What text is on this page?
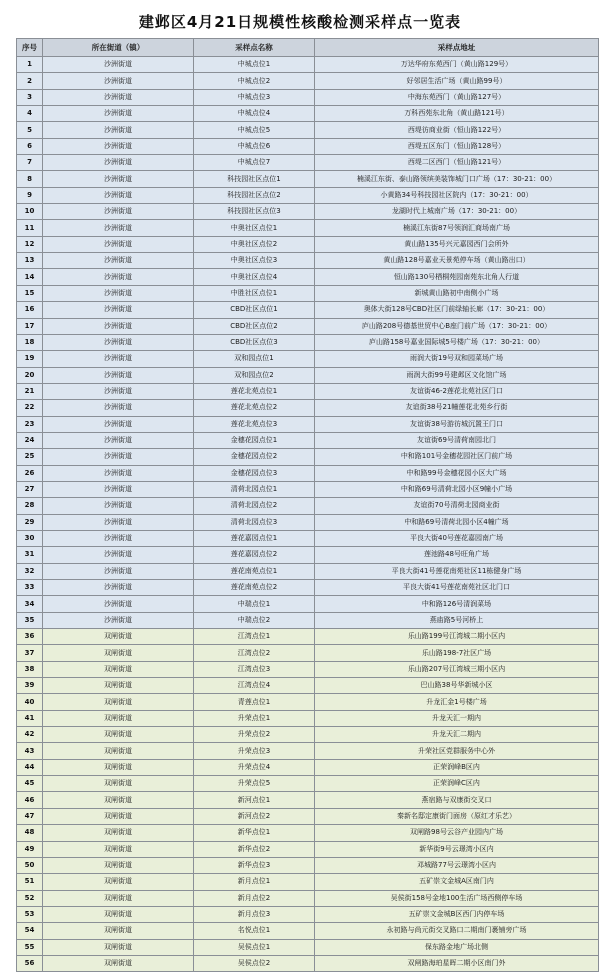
建邺区4月21日规模性核酸检测采样点一览表
序号	所在街道（镇）	采样点名称	采样点地址
1	沙洲街道	中城点位1	万达华府东苑西门（黄山路129号）
2	沙洲街道	中城点位2	好邻居生活广场（黄山路99号）
3	沙洲街道	中城点位3	中海东苑西门（黄山路127号）
4	沙洲街道	中城点位4	万科西苑东北角（黄山路121号）
5	沙洲街道	中城点位5	西堤彷商业街（恒山路122号）
6	沙洲街道	中城点位6	西堤五区东门（恒山路128号）
7	沙洲街道	中城点位7	西堤二区西门（恒山路121号）
8	沙洲街道	科技园社区点位1	楠溪江东街、泰山路领缤美装饰城门口广场（17：30-21：00）
9	沙洲街道	科技园社区点位2	小黄路34号科技园社区院内（17：30-21：00）
10	沙洲街道	科技园社区点位3	龙湖时代上城南广场（17：30-21：00）
11	沙洲街道	中奥社区点位1	楠溪江东街87号领润汇商场南广场
12	沙洲街道	中奥社区点位2	黄山路135号兴元嘉园西门会所外
13	沙洲街道	中奥社区点位3	黄山路128号嘉业天景苑停车场（黄山路出口）
14	沙洲街道	中奥社区点位4	恒山路130号栖桐苑园南苑东北角人行道
15	沙洲街道	中胜社区点位1	新城黄山路初中南侧小广场
16	沙洲街道	CBD社区点位1	奥体大街128号CBD社区门前绿轴长廊（17：30-21：00）
17	沙洲街道	CBD社区点位2	庐山路208号德基世贸中心B座门前广场（17：30-21：00）
18	沙洲街道	CBD社区点位3	庐山路158号嘉业国际城5号楼广场（17：30-21：00）
19	沙洲街道	双和园点位1	雨润大街19号双和园菜场广场
20	沙洲街道	双和园点位2	雨润大街99号建邺区文化馆广场
21	沙洲街道	莲花北苑点位1	友谊街46-2莲花北苑社区门口
22	沙洲街道	莲花北苑点位2	友谊街38号21幢莲花北苑乡行街
23	沙洲街道	莲花北苑点位3	友谊街38号游彷城沉置王门口
24	沙洲街道	金穗花园点位1	友谊街69号清荷南园北门
25	沙洲街道	金穗花园点位2	中和路101号金穗花园社区门前广场
26	沙洲街道	金穗花园点位3	中和路99号金穗花园小区大广场
27	沙洲街道	清荷北园点位1	中和路69号清荷北园小区9幢小广场
28	沙洲街道	清荷北园点位2	友谊街70号清荷北园商业街
29	沙洲街道	清荷北园点位3	中和路69号清荷北园小区4幢广场
30	沙洲街道	莲花嘉园点位1	平良大街40号莲花嘉园南广场
31	沙洲街道	莲花嘉园点位2	莲池路48号旺角广场
32	沙洲街道	莲花南苑点位1	平良大街41号莲花南苑社区11栋健身广场
33	沙洲街道	莲花南苑点位2	平良大街41号莲花南苑社区北门口
34	沙洲街道	中瑞点位1	中和路126号清润菜场
35	沙洲街道	中瑞点位2	燕庙路5号河桥上
36	双闸街道	江湾点位1	乐山路199号江湾城二期小区内
37	双闸街道	江湾点位2	乐山路198-7社区广场
38	双闸街道	江湾点位3	乐山路207号江湾城三期小区内
39	双闸街道	江湾点位4	巴山路38号华新城小区
40	双闸街道	青莲点位1	升龙汇金1号楼广场
41	双闸街道	升荣点位1	升龙天汇一期内
42	双闸街道	升荣点位2	升龙天汇二期内
43	双闸街道	升荣点位3	升荣社区党群服务中心外
44	双闸街道	升荣点位4	正荣润峰B区内
45	双闸街道	升荣点位5	正荣润峰C区内
46	双闸街道	新河点位1	燕宿路与双康街交叉口
47	双闸街道	新河点位2	秦新名邸定康街门面房（原红才乐艺）
48	双闸街道	新华点位1	双闸路98号云谷产业园内广场
49	双闸街道	新华点位2	新华街9号云璟湾小区内
50	双闸街道	新华点位3	邓城路77号云璟湾小区内
51	双闸街道	新月点位1	五矿崇文金城A区南门内
52	双闸街道	新月点位2	吴侯街158号金地100生活广场西侧停车场
53	双闸街道	新月点位3	五矿崇文金城B区西门内停车场
54	双闸街道	名悦点位1	永初路与尚元街交叉路口二期南门裹铺旁广场
55	双闸街道	吴侯点位1	保东路金地广场北侧
56	双闸街道	吴侯点位2	双闸路海珀星晖二期小区南门外
